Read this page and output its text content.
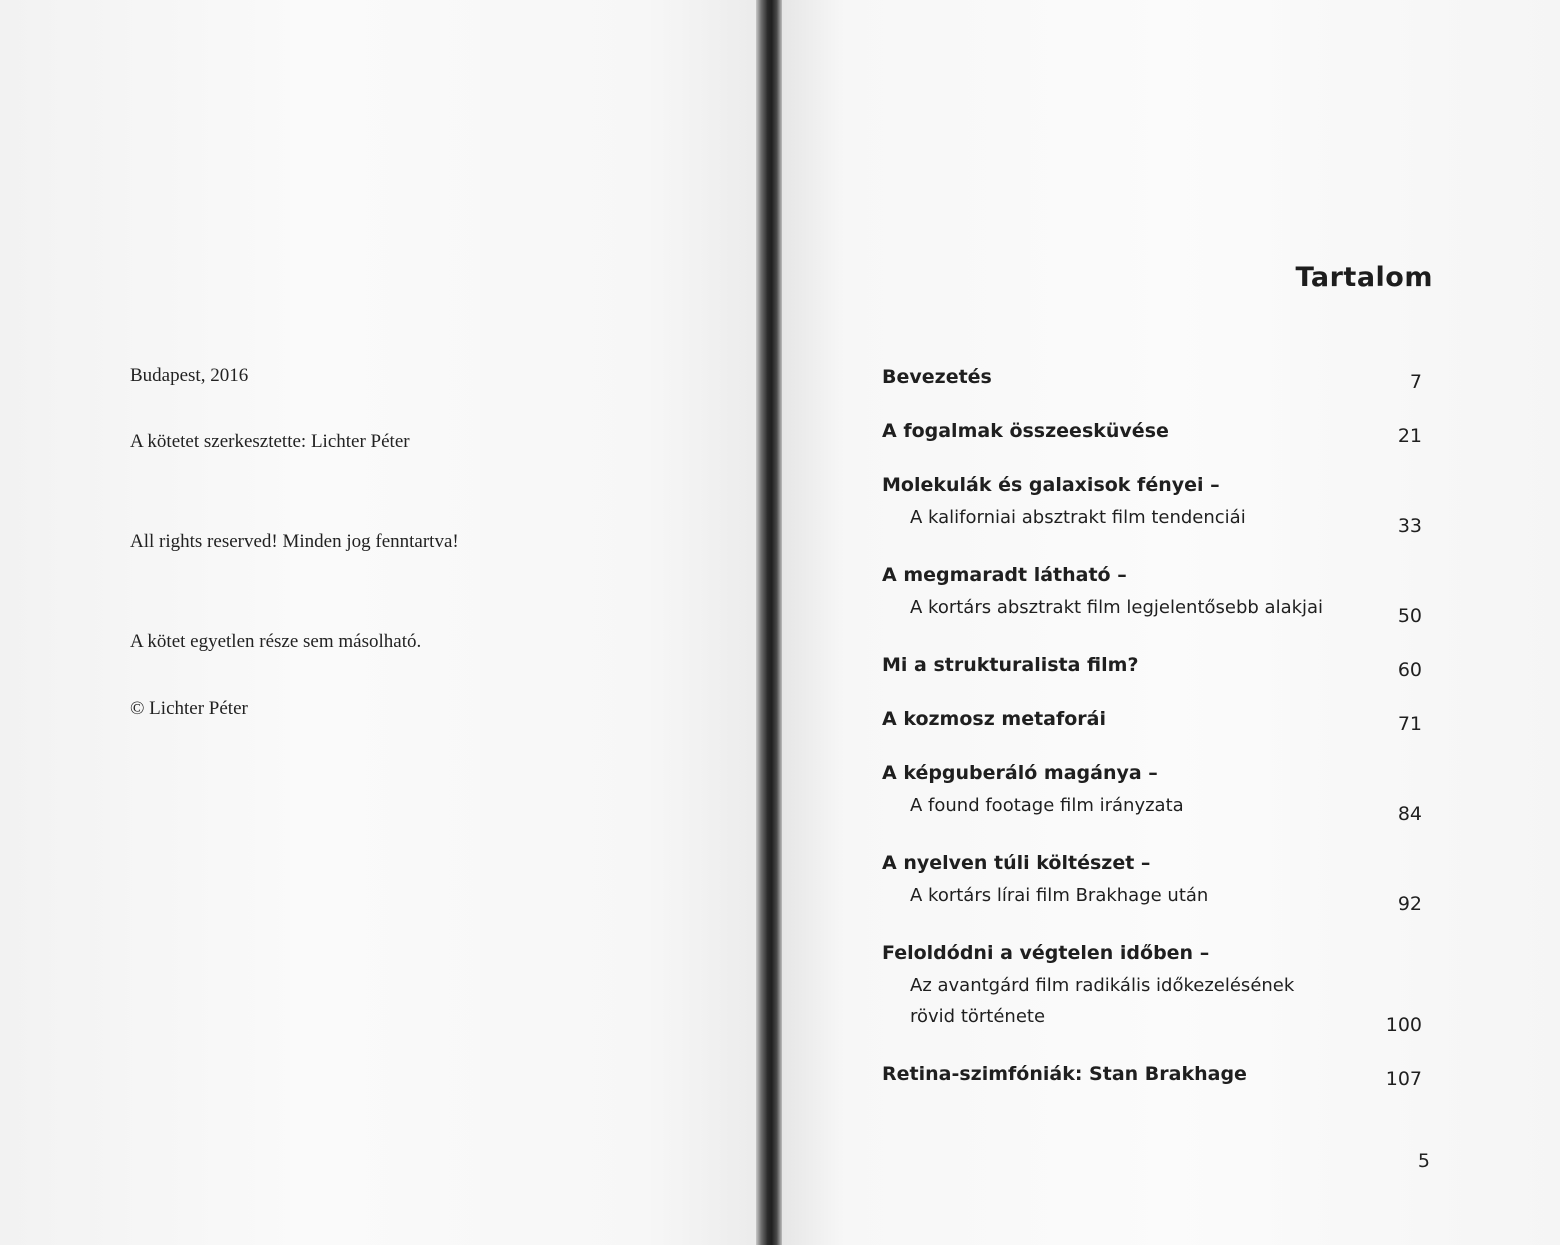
Budapest, 2016
A kötetet szerkesztette: Lichter Péter
All rights reserved! Minden jog fenntartva!
A kötet egyetlen része sem másolható.
© Lichter Péter
Tartalom
Bevezetés	7
A fogalmak összeesküvése	21
Molekulák és galaxisok fényei –
A kaliforniai absztrakt film tendenciái	33
A megmaradt látható –
A kortárs absztrakt film legjelentősebb alakjai	50
Mi a strukturalista film?	60
A kozmosz metaforái	71
A képguberáló magánya –
A found footage film irányzata	84
A nyelven túli költészet –
A kortárs lírai film Brakhage után	92
Feloldódni a végtelen időben –
Az avantgárd film radikális időkezelésének
rövid története	100
Retina-szimfóniák: Stan Brakhage	107
5
